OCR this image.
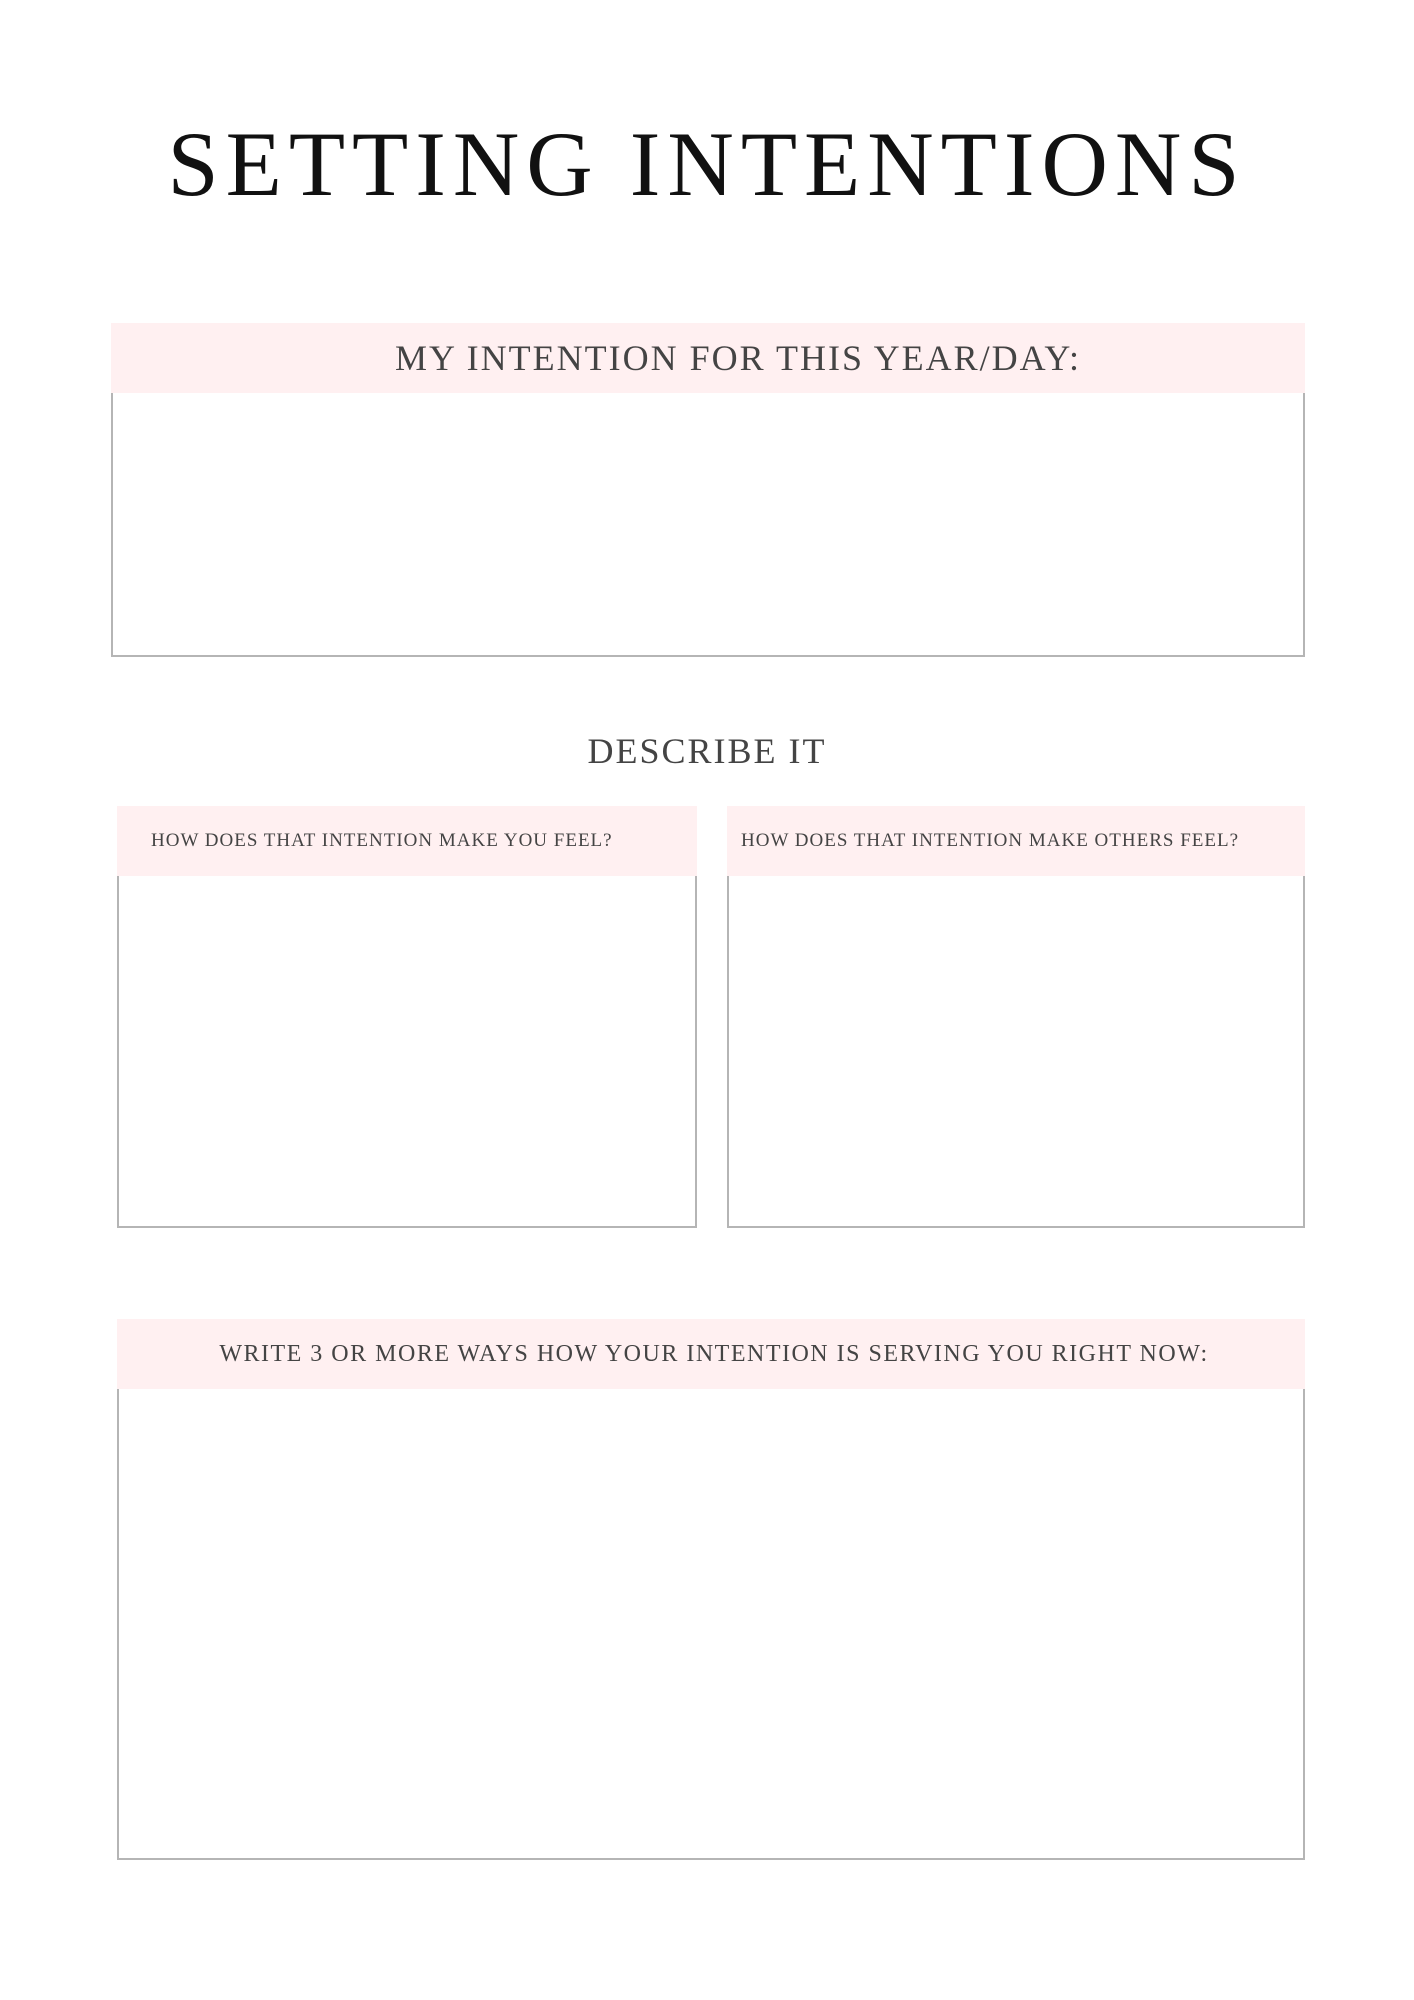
SETTING INTENTIONS
MY INTENTION FOR THIS YEAR/DAY:
DESCRIBE IT
HOW DOES THAT INTENTION MAKE YOU FEEL?	HOW DOES THAT INTENTION MAKE OTHERS FEEL?
WRITE 3 OR MORE WAYS HOW YOUR INTENTION IS SERVING YOU RIGHT NOW:
